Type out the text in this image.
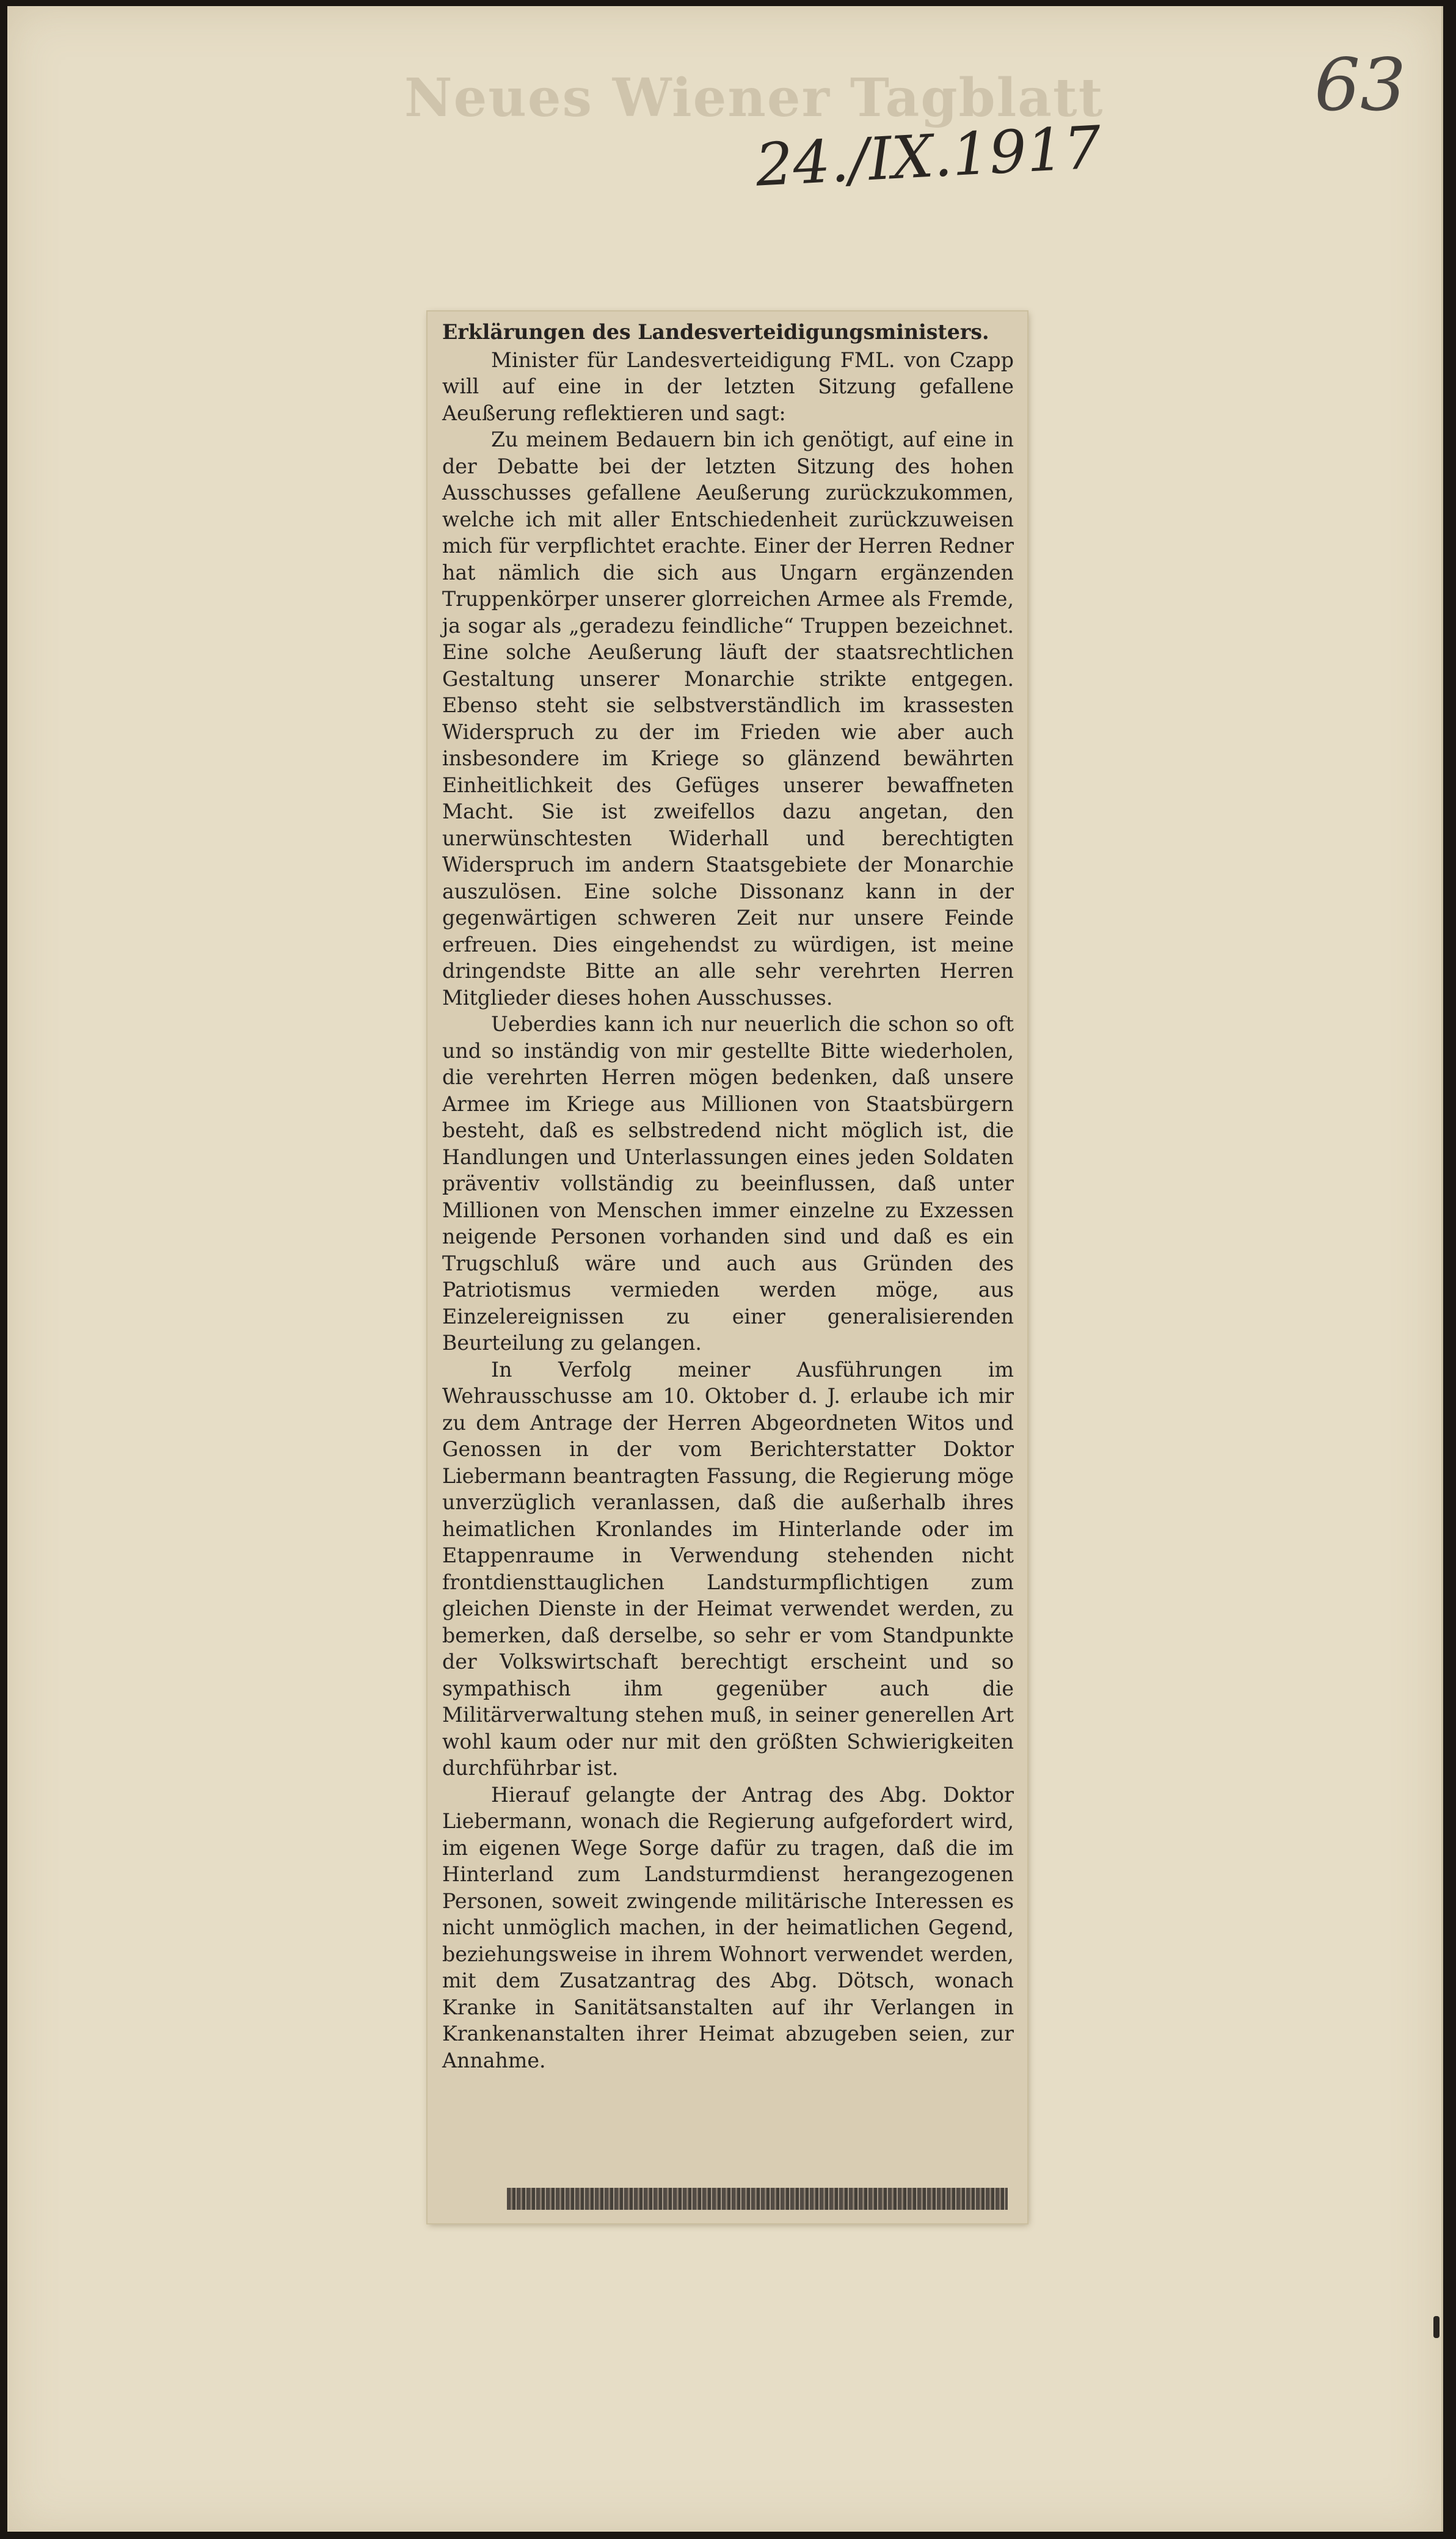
Neues Wiener Tagblatt
24./IX.1917
63
Erklärungen des Landesverteidigungsministers.

Minister für Landesverteidigung FML. von Czapp will auf eine in der letzten Sitzung gefallene Aeußerung reflektieren und sagt:

Zu meinem Bedauern bin ich genötigt, auf eine in der Debatte bei der letzten Sitzung des hohen Ausschusses gefallene Aeußerung zurückzukommen, welche ich mit aller Entschiedenheit zurückzuweisen mich für verpflichtet erachte. Einer der Herren Redner hat nämlich die sich aus Ungarn ergänzenden Truppenkörper unserer glorreichen Armee als Fremde, ja sogar als „geradezu feindliche“ Truppen bezeichnet. Eine solche Aeußerung läuft der staatsrechtlichen Gestaltung unserer Monarchie strikte entgegen. Ebenso steht sie selbstverständlich im krassesten Widerspruch zu der im Frieden wie aber auch insbesondere im Kriege so glänzend bewährten Einheitlichkeit des Gefüges unserer bewaffneten Macht. Sie ist zweifellos dazu angetan, den unerwünschtesten Widerhall und berechtigten Widerspruch im andern Staatsgebiete der Monarchie auszulösen. Eine solche Dissonanz kann in der gegenwärtigen schweren Zeit nur unsere Feinde erfreuen. Dies eingehendst zu würdigen, ist meine dringendste Bitte an alle sehr verehrten Herren Mitglieder dieses hohen Ausschusses.

Ueberdies kann ich nur neuerlich die schon so oft und so inständig von mir gestellte Bitte wiederholen, die verehrten Herren mögen bedenken, daß unsere Armee im Kriege aus Millionen von Staatsbürgern besteht, daß es selbstredend nicht möglich ist, die Handlungen und Unterlassungen eines jeden Soldaten präventiv vollständig zu beeinflussen, daß unter Millionen von Menschen immer einzelne zu Exzessen neigende Personen vorhanden sind und daß es ein Trugschluß wäre und auch aus Gründen des Patriotismus vermieden werden möge, aus Einzelereignissen zu einer generalisierenden Beurteilung zu gelangen.

In Verfolg meiner Ausführungen im Wehrausschusse am 10. Oktober d. J. erlaube ich mir zu dem Antrage der Herren Abgeordneten Witos und Genossen in der vom Berichterstatter Doktor Liebermann beantragten Fassung, die Regierung möge unverzüglich veranlassen, daß die außerhalb ihres heimatlichen Kronlandes im Hinterlande oder im Etappenraume in Verwendung stehenden nicht frontdiensttauglichen Landsturmpflichtigen zum gleichen Dienste in der Heimat verwendet werden, zu bemerken, daß derselbe, so sehr er vom Standpunkte der Volkswirtschaft berechtigt erscheint und so sympathisch ihm gegenüber auch die Militärverwaltung stehen muß, in seiner generellen Art wohl kaum oder nur mit den größten Schwierigkeiten durchführbar ist.

Hierauf gelangte der Antrag des Abg. Doktor Liebermann, wonach die Regierung aufgefordert wird, im eigenen Wege Sorge dafür zu tragen, daß die im Hinterland zum Landsturmdienst herangezogenen Personen, soweit zwingende militärische Interessen es nicht unmöglich machen, in der heimatlichen Gegend, beziehungsweise in ihrem Wohnort verwendet werden, mit dem Zusatzantrag des Abg. Dötsch, wonach Kranke in Sanitätsanstalten auf ihr Verlangen in Krankenanstalten ihrer Heimat abzugeben seien, zur Annahme.
